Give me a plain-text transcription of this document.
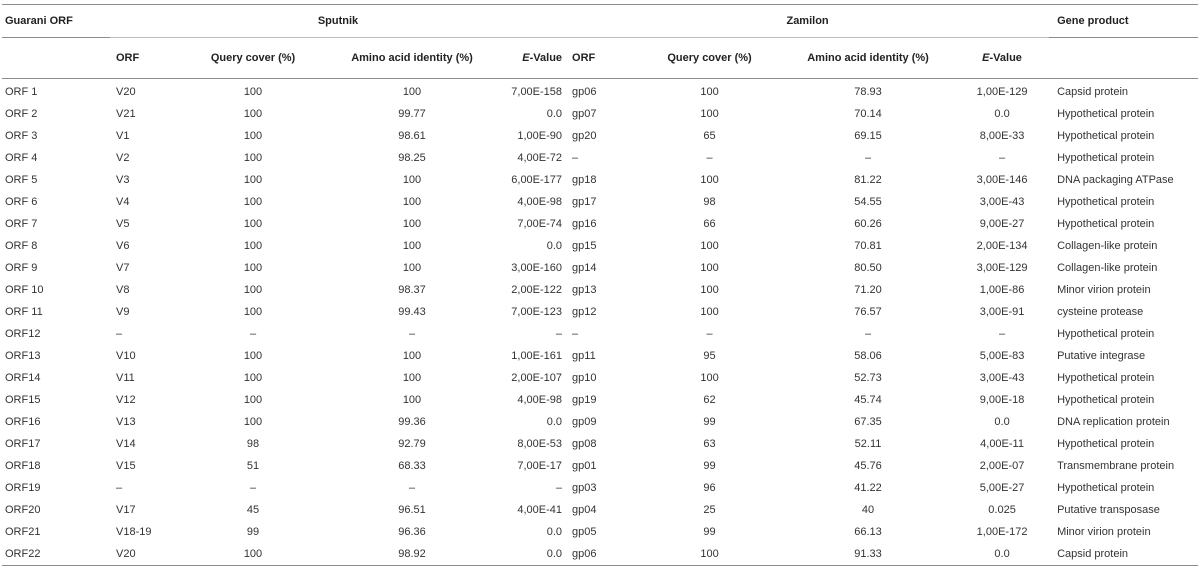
Guarani ORF	Sputnik				Zamilon				Gene product
	ORF	Query cover (%)	Amino acid identity (%)	E-Value	ORF	Query cover (%)	Amino acid identity (%)	E-Value	
ORF 1	V20	100	100	7,00E-158	gp06	100	78.93	1,00E-129	Capsid protein
ORF 2	V21	100	99.77	0.0	gp07	100	70.14	0.0	Hypothetical protein
ORF 3	V1	100	98.61	1,00E-90	gp20	65	69.15	8,00E-33	Hypothetical protein
ORF 4	V2	100	98.25	4,00E-72	–	–	–	–	Hypothetical protein
ORF 5	V3	100	100	6,00E-177	gp18	100	81.22	3,00E-146	DNA packaging ATPase
ORF 6	V4	100	100	4,00E-98	gp17	98	54.55	3,00E-43	Hypothetical protein
ORF 7	V5	100	100	7,00E-74	gp16	66	60.26	9,00E-27	Hypothetical protein
ORF 8	V6	100	100	0.0	gp15	100	70.81	2,00E-134	Collagen-like protein
ORF 9	V7	100	100	3,00E-160	gp14	100	80.50	3,00E-129	Collagen-like protein
ORF 10	V8	100	98.37	2,00E-122	gp13	100	71.20	1,00E-86	Minor virion protein
ORF 11	V9	100	99.43	7,00E-123	gp12	100	76.57	3,00E-91	cysteine protease
ORF12	–	–	–	–	–	–	–	–	Hypothetical protein
ORF13	V10	100	100	1,00E-161	gp11	95	58.06	5,00E-83	Putative integrase
ORF14	V11	100	100	2,00E-107	gp10	100	52.73	3,00E-43	Hypothetical protein
ORF15	V12	100	100	4,00E-98	gp19	62	45.74	9,00E-18	Hypothetical protein
ORF16	V13	100	99.36	0.0	gp09	99	67.35	0.0	DNA replication protein
ORF17	V14	98	92.79	8,00E-53	gp08	63	52.11	4,00E-11	Hypothetical protein
ORF18	V15	51	68.33	7,00E-17	gp01	99	45.76	2,00E-07	Transmembrane protein
ORF19	–	–	–	–	gp03	96	41.22	5,00E-27	Hypothetical protein
ORF20	V17	45	96.51	4,00E-41	gp04	25	40	0.025	Putative transposase
ORF21	V18-19	99	96.36	0.0	gp05	99	66.13	1,00E-172	Minor virion protein
ORF22	V20	100	98.92	0.0	gp06	100	91.33	0.0	Capsid protein
